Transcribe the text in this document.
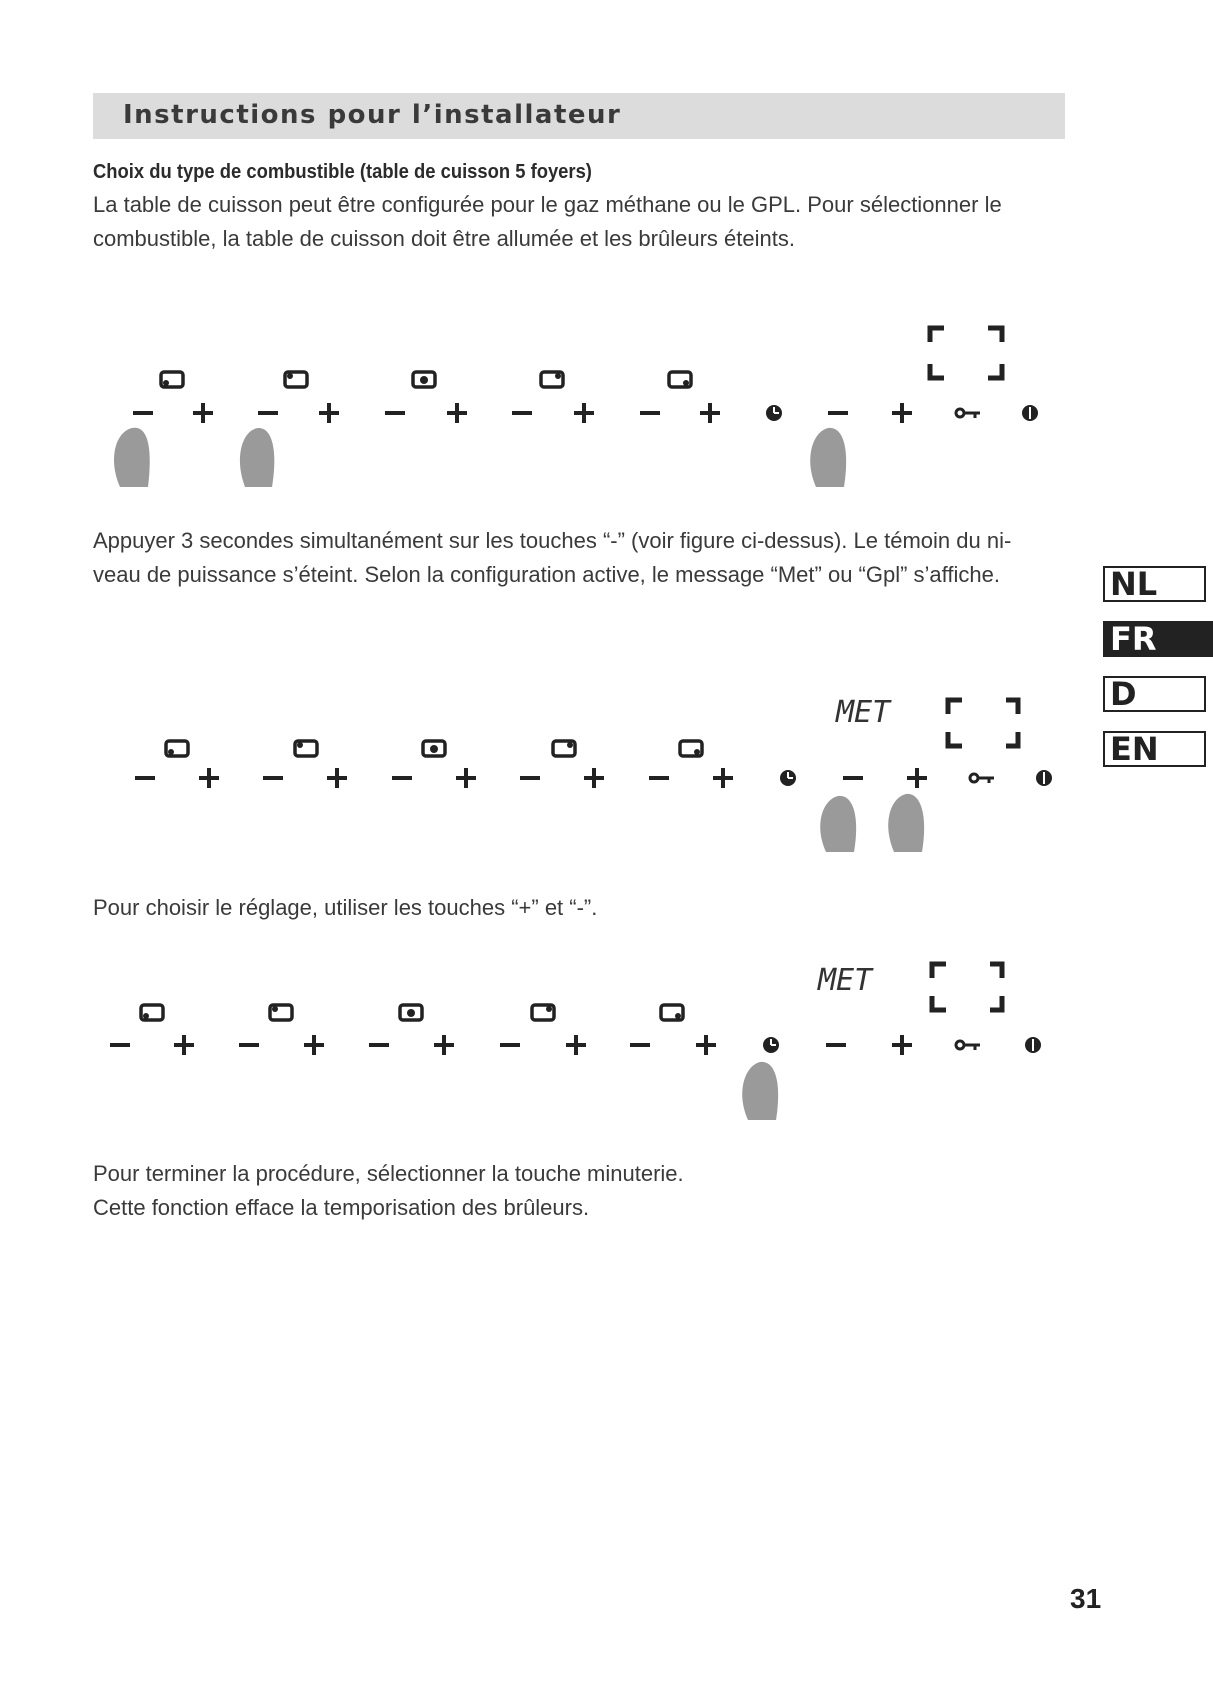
Instructions pour l’installateur
Choix du type de combustible (table de cuisson 5 foyers)
La table de cuisson peut être configurée pour le gaz méthane ou le GPL. Pour sélectionner le
combustible, la table de cuisson doit être allumée et les brûleurs éteints.
Appuyer 3 secondes simultanément sur les touches “-” (voir figure ci-dessus). Le témoin du ni-
veau de puissance s’éteint. Selon la configuration active, le message “Met” ou “Gpl” s’affiche.
MET
Pour choisir le réglage, utiliser les touches “+” et “-”.
MET
Pour terminer la procédure, sélectionner la touche minuterie.
Cette fonction efface la temporisation des brûleurs.
NL
FR
D
EN
31
